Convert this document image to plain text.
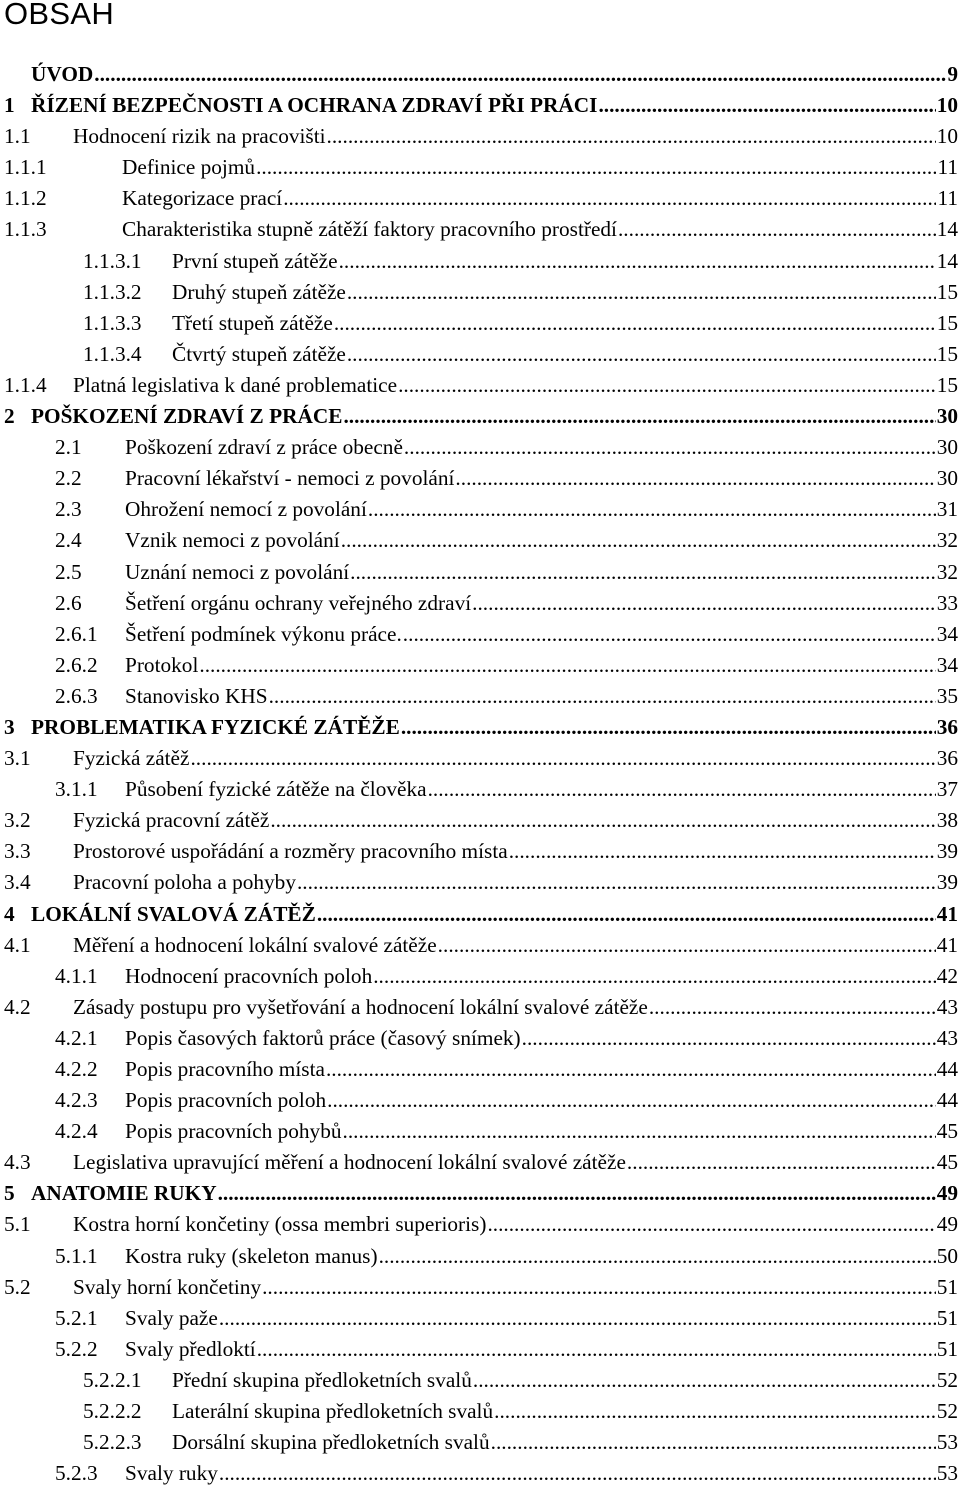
OBSAH
ÚVOD .....	9
1 ŘÍZENÍ BEZPEČNOSTI A OCHRANA ZDRAVÍ PŘI PRÁCI .....	10
1.1	Hodnocení rizik na pracovišti .....	10
1.1.1	Definice pojmů .....	11
1.1.2	Kategorizace prací .....	11
1.1.3	Charakteristika stupně zátěží faktory pracovního prostředí .....	14
1.1.3.1	První stupeň zátěže .....	14
1.1.3.2	Druhý stupeň zátěže .....	15
1.1.3.3	Třetí stupeň zátěže .....	15
1.1.3.4	Čtvrtý stupeň zátěže .....	15
1.1.4	Platná legislativa k dané problematice .....	15
2 POŠKOZENÍ ZDRAVÍ Z PRÁCE .....	30
2.1	Poškození zdraví z práce obecně .....	30
2.2	Pracovní lékařství - nemoci z povolání .....	30
2.3	Ohrožení nemocí z povolání .....	31
2.4	Vznik nemoci z povolání .....	32
2.5	Uznání nemoci z povolání .....	32
2.6	Šetření orgánu ochrany veřejného zdraví .....	33
2.6.1	Šetření podmínek výkonu práce. .....	34
2.6.2	Protokol .....	34
2.6.3	Stanovisko KHS .....	35
3 PROBLEMATIKA FYZICKÉ ZÁTĚŽE .....	36
3.1	Fyzická zátěž .....	36
3.1.1	Působení fyzické zátěže na člověka .....	37
3.2	Fyzická pracovní zátěž .....	38
3.3	Prostorové uspořádání a rozměry pracovního místa .....	39
3.4	Pracovní poloha a pohyby .....	39
4 LOKÁLNÍ SVALOVÁ ZÁTĚŽ .....	41
4.1	Měření a hodnocení lokální svalové zátěže .....	41
4.1.1	Hodnocení pracovních poloh .....	42
4.2	Zásady postupu pro vyšetřování a hodnocení lokální svalové zátěže .....	43
4.2.1	Popis časových faktorů práce (časový snímek) .....	43
4.2.2	Popis pracovního místa .....	44
4.2.3	Popis pracovních poloh .....	44
4.2.4	Popis pracovních pohybů .....	45
4.3	Legislativa upravující měření a hodnocení lokální svalové zátěže .....	45
5 ANATOMIE RUKY .....	49
5.1	Kostra horní končetiny (ossa membri superioris) .....	49
5.1.1	Kostra ruky (skeleton manus) .....	50
5.2	Svaly horní končetiny .....	51
5.2.1	Svaly paže .....	51
5.2.2	Svaly předloktí .....	51
5.2.2.1	Přední skupina předloketních svalů .....	52
5.2.2.2	Laterální skupina předloketních svalů .....	52
5.2.2.3	Dorsální skupina předloketních svalů .....	53
5.2.3	Svaly ruky .....	53
